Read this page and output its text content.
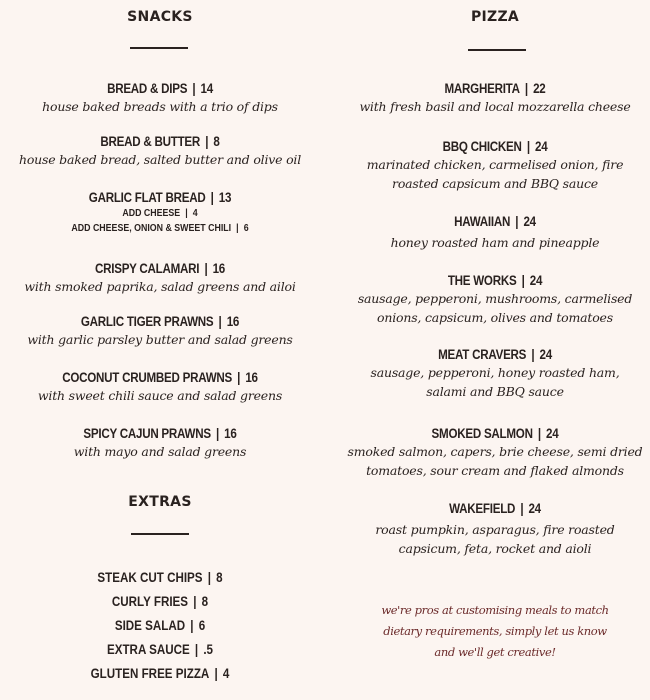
SNACKS
BREAD & DIPS | 14
house baked breads with a trio of dips
BREAD & BUTTER | 8
house baked bread, salted butter and olive oil
GARLIC FLAT BREAD | 13
ADD CHEESE | 4
ADD CHEESE, ONION & SWEET CHILI | 6
CRISPY CALAMARI | 16
with smoked paprika, salad greens and ailoi
GARLIC TIGER PRAWNS | 16
with garlic parsley butter and salad greens
COCONUT CRUMBED PRAWNS | 16
with sweet chili sauce and salad greens
SPICY CAJUN PRAWNS | 16
with mayo and salad greens
EXTRAS
STEAK CUT CHIPS | 8
CURLY FRIES | 8
SIDE SALAD | 6
EXTRA SAUCE | .5
GLUTEN FREE PIZZA | 4
PIZZA
MARGHERITA | 22
with fresh basil and local mozzarella cheese
BBQ CHICKEN | 24
marinated chicken, carmelised onion, fire
roasted capsicum and BBQ sauce
HAWAIIAN | 24
honey roasted ham and pineapple
THE WORKS | 24
sausage, pepperoni, mushrooms, carmelised
onions, capsicum, olives and tomatoes
MEAT CRAVERS | 24
sausage, pepperoni, honey roasted ham,
salami and BBQ sauce
SMOKED SALMON | 24
smoked salmon, capers, brie cheese, semi dried
tomatoes, sour cream and flaked almonds
WAKEFIELD | 24
roast pumpkin, asparagus, fire roasted
capsicum, feta, rocket and aioli
we're pros at customising meals to match
dietary requirements, simply let us know
and we'll get creative!
